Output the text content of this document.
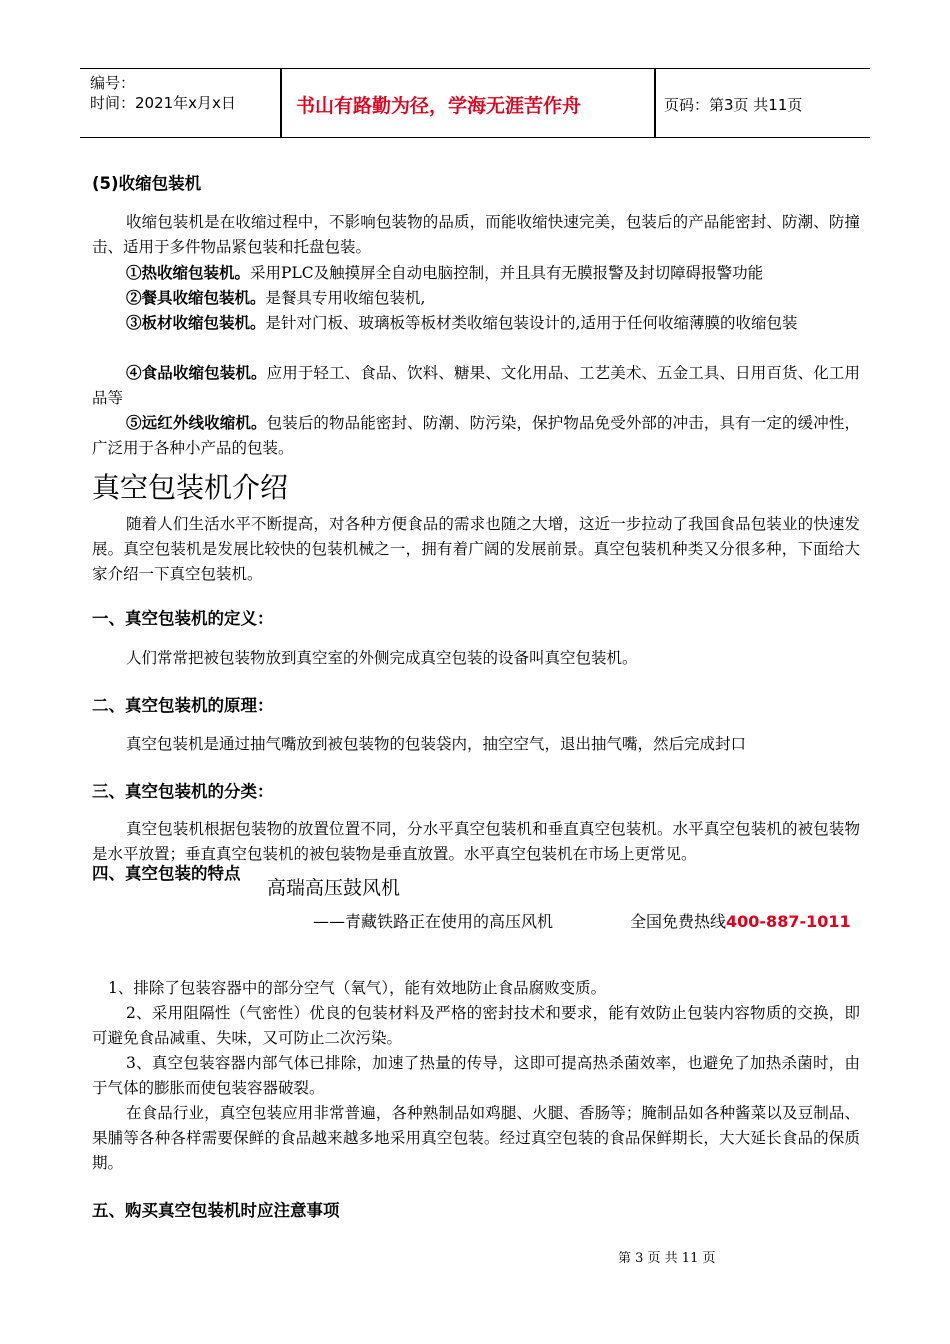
编号：
时间：2021年x月x日	书山有路勤为径，学海无涯苦作舟	页码：第3页 共11页
(5)收缩包装机
收缩包装机是在收缩过程中，不影响包装物的品质，而能收缩快速完美，包装后的产品能密封、防潮、防撞击、适用于多件物品紧包装和托盘包装。
①热收缩包装机。采用PLC及触摸屏全自动电脑控制，并且具有无膜报警及封切障碍报警功能
②餐具收缩包装机。是餐具专用收缩包装机,
③板材收缩包装机。是针对门板、玻璃板等板材类收缩包装设计的,适用于任何收缩薄膜的收缩包装
④食品收缩包装机。应用于轻工、食品、饮料、糖果、文化用品、工艺美术、五金工具、日用百货、化工用品等
⑤远红外线收缩机。包装后的物品能密封、防潮、防污染，保护物品免受外部的冲击，具有一定的缓冲性，广泛用于各种小产品的包装。
真空包装机介绍
随着人们生活水平不断提高，对各种方便食品的需求也随之大增，这近一步拉动了我国食品包装业的快速发展。真空包装机是发展比较快的包装机械之一，拥有着广阔的发展前景。真空包装机种类又分很多种，下面给大家介绍一下真空包装机。
一、真空包装机的定义：
人们常常把被包装物放到真空室的外侧完成真空包装的设备叫真空包装机。
二、真空包装机的原理：
真空包装机是通过抽气嘴放到被包装物的包装袋内，抽空空气，退出抽气嘴，然后完成封口
三、真空包装机的分类：
真空包装机根据包装物的放置位置不同，分水平真空包装机和垂直真空包装机。水平真空包装机的被包装物是水平放置；垂直真空包装机的被包装物是垂直放置。水平真空包装机在市场上更常见。
四、真空包装的特点
高瑞高压鼓风机
——青藏铁路正在使用的高压风机	全国免费热线400-887-1011
1、排除了包装容器中的部分空气（氧气），能有效地防止食品腐败变质。
2、采用阻隔性（气密性）优良的包装材料及严格的密封技术和要求，能有效防止包装内容物质的交换，即可避免食品减重、失味，又可防止二次污染。
3、真空包装容器内部气体已排除，加速了热量的传导，这即可提高热杀菌效率，也避免了加热杀菌时，由于气体的膨胀而使包装容器破裂。
在食品行业，真空包装应用非常普遍，各种熟制品如鸡腿、火腿、香肠等；腌制品如各种酱菜以及豆制品、果脯等各种各样需要保鲜的食品越来越多地采用真空包装。经过真空包装的食品保鲜期长，大大延长食品的保质期。
五、购买真空包装机时应注意事项
第 3 页 共 11 页
